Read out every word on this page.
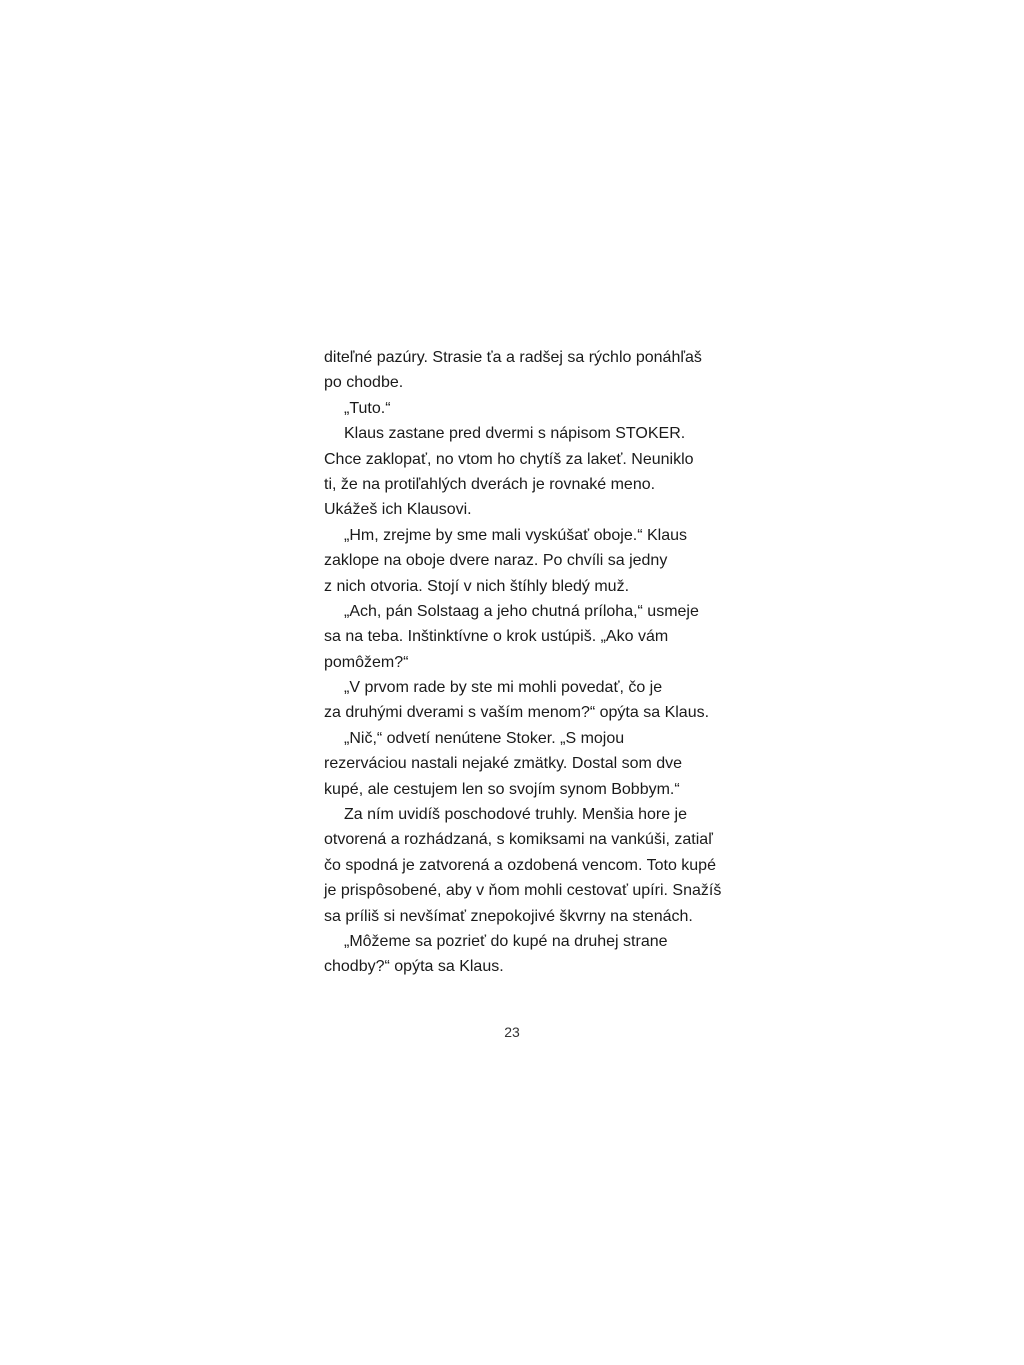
diteľné pazúry. Strasie ťa a radšej sa rýchlo ponáhľaš
po chodbe.
„Tuto.“
Klaus zastane pred dvermi s nápisom STOKER.
Chce zaklopať, no vtom ho chytíš za lakeť. Neuniklo
ti, že na protiľahlých dverách je rovnaké meno.
Ukážeš ich Klausovi.
„Hm, zrejme by sme mali vyskúšať oboje.“ Klaus
zaklope na oboje dvere naraz. Po chvíli sa jedny
z nich otvoria. Stojí v nich štíhly bledý muž.
„Ach, pán Solstaag a jeho chutná príloha,“ usmeje
sa na teba. Inštinktívne o krok ustúpiš. „Ako vám
pomôžem?“
„V prvom rade by ste mi mohli povedať, čo je
za druhými dverami s vaším menom?“ opýta sa Klaus.
„Nič,“ odvetí nenútene Stoker. „S mojou
rezerváciou nastali nejaké zmätky. Dostal som dve
kupé, ale cestujem len so svojím synom Bobbym.“
Za ním uvidíš poschodové truhly. Menšia hore je
otvorená a rozhádzaná, s komiksami na vankúši, zatiaľ
čo spodná je zatvorená a ozdobená vencom. Toto kupé
je prispôsobené, aby v ňom mohli cestovať upíri. Snažíš
sa príliš si nevšímať znepokojivé škvrny na stenách.
„Môžeme sa pozrieť do kupé na druhej strane
chodby?“ opýta sa Klaus.
23
